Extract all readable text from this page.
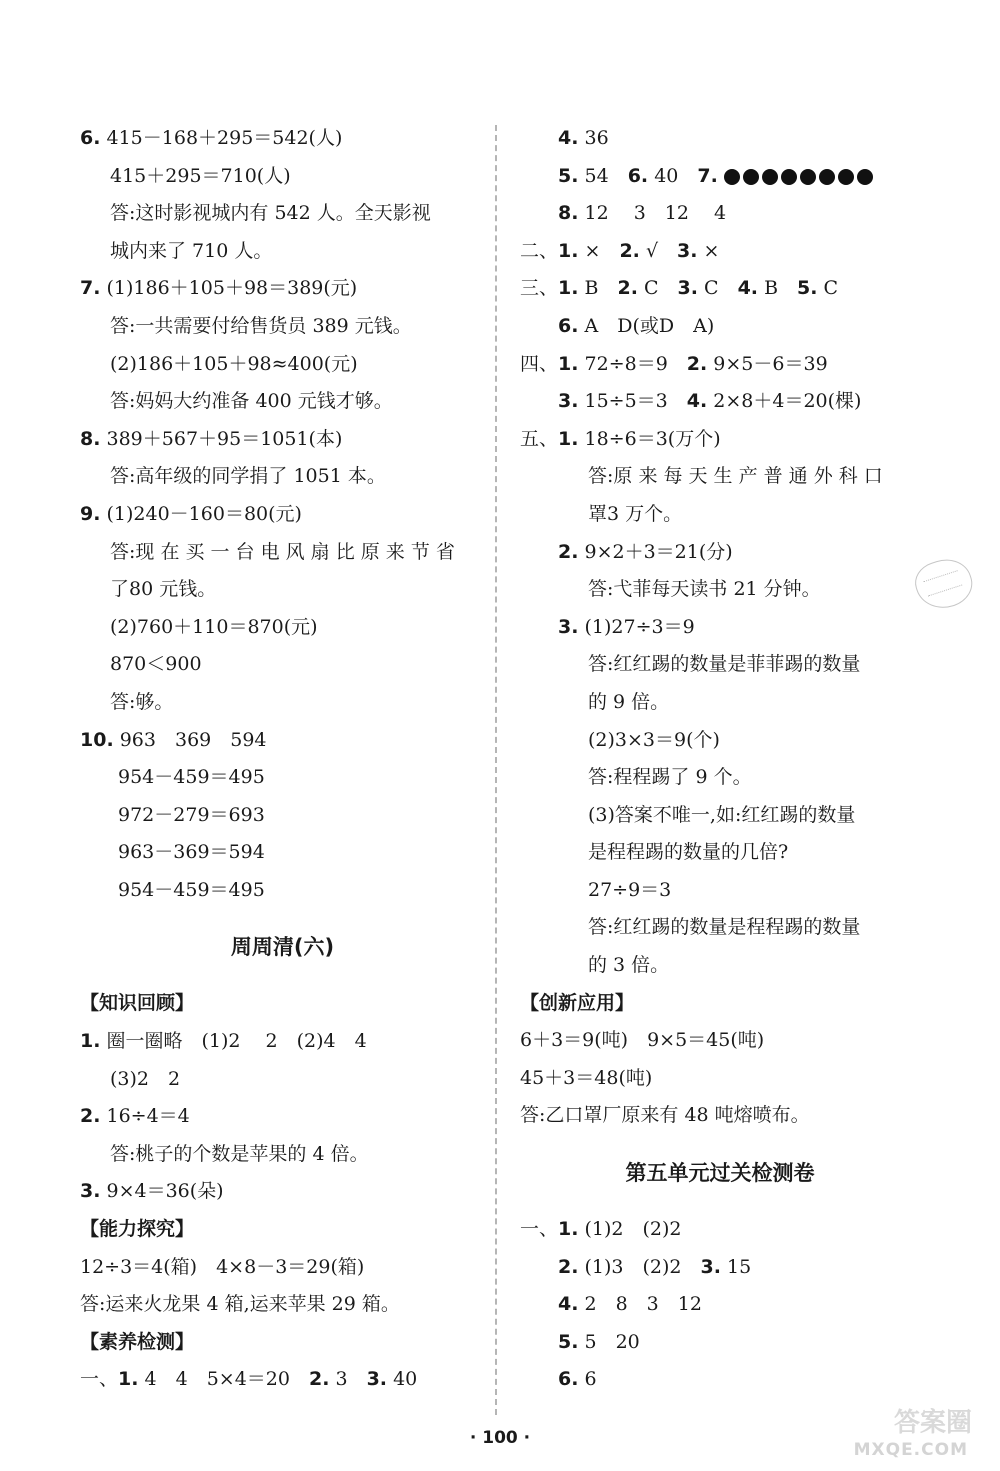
6. 415－168＋295＝542(人)
415＋295＝710(人)
答:这时影视城内有 542 人。全天影视
城内来了 710 人。
7. (1)186＋105＋98＝389(元)
答:一共需要付给售货员 389 元钱。
(2)186＋105＋98≈400(元)
答:妈妈大约准备 400 元钱才够。
8. 389＋567＋95＝1051(本)
答:高年级的同学捐了 1051 本。
9. (1)240－160＝80(元)
答:现 在 买 一 台 电 风 扇 比 原 来 节 省
了80 元钱。
(2)760＋110＝870(元)
870＜900
答:够。
10. 963　369　594
954－459＝495
972－279＝693
963－369＝594
954－459＝495
周周清(六)
【知识回顾】
1. 圈一圈略　(1)2　 2　(2)4　4
(3)2　2
2. 16÷4＝4
答:桃子的个数是苹果的 4 倍。
3. 9×4＝36(朵)
【能力探究】
12÷3＝4(箱)　4×8－3＝29(箱)
答:运来火龙果 4 箱,运来苹果 29 箱。
【素养检测】
一、1. 4　4　5×4＝20　2. 3　3. 40
4. 36
5. 54　6. 40　7.
8. 12　 3　12　 4
二、1. ×　2. √　3. ×
三、1. B　2. C　3. C　4. B　5. C
6. A　D(或D　A)
四、1. 72÷8＝9　2. 9×5－6＝39
3. 15÷5＝3　4. 2×8＋4＝20(棵)
五、1. 18÷6＝3(万个)
答:原 来 每 天 生 产 普 通 外 科 口
罩3 万个。
2. 9×2＋3＝21(分)
答:弋菲每天读书 21 分钟。
3. (1)27÷3＝9
答:红红踢的数量是菲菲踢的数量
的 9 倍。
(2)3×3＝9(个)
答:程程踢了 9 个。
(3)答案不唯一,如:红红踢的数量
是程程踢的数量的几倍?
27÷9＝3
答:红红踢的数量是程程踢的数量
的 3 倍。
【创新应用】
6＋3＝9(吨)　9×5＝45(吨)
45＋3＝48(吨)
答:乙口罩厂原来有 48 吨熔喷布。
第五单元过关检测卷
一、1. (1)2　(2)2
2. (1)3　(2)2　3. 15
4. 2　8　3　12
5. 5　20
6. 6
· 100 ·	答案圈
MXQE.COM
